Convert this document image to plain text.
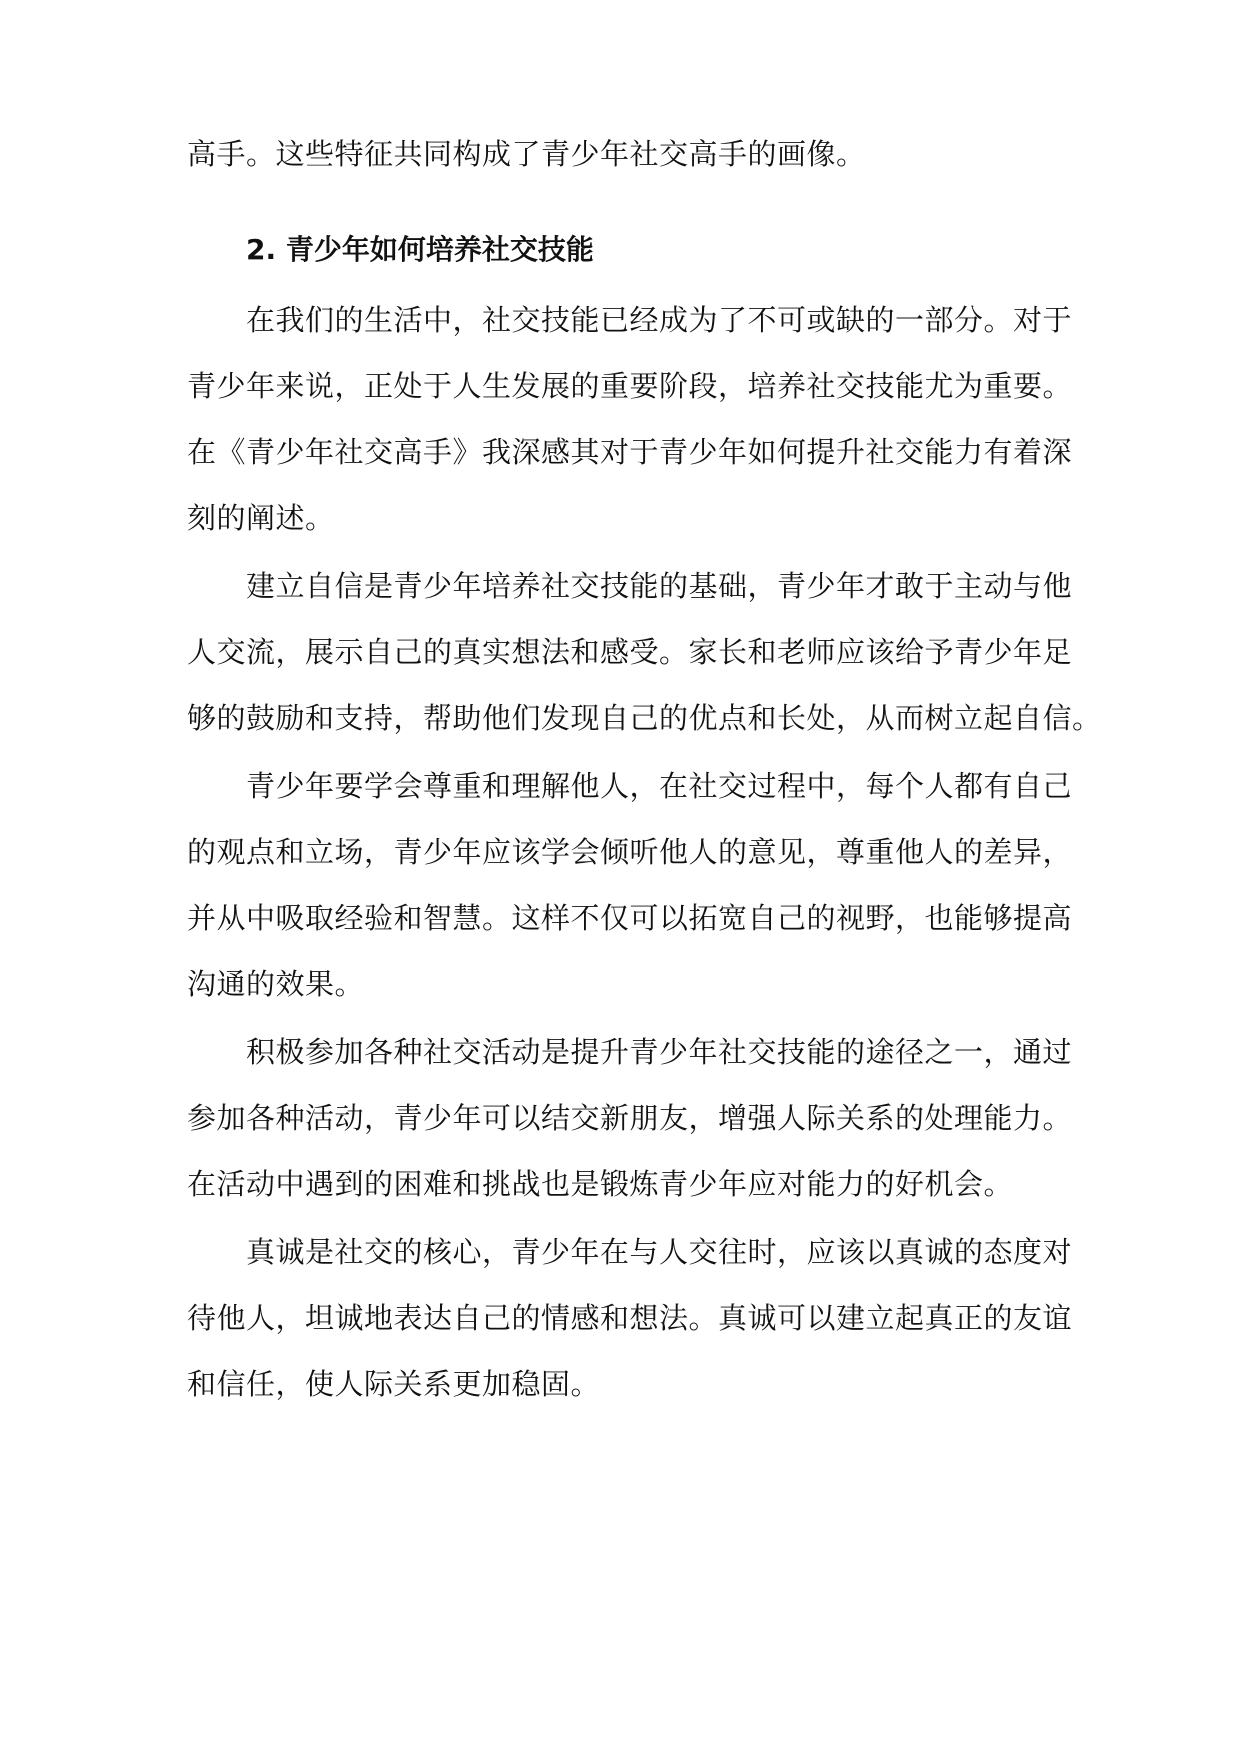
高手。这些特征共同构成了青少年社交高手的画像。
2. 青少年如何培养社交技能
在我们的生活中，社交技能已经成为了不可或缺的一部分。对于
青少年来说，正处于人生发展的重要阶段，培养社交技能尤为重要。
在《青少年社交高手》我深感其对于青少年如何提升社交能力有着深
刻的阐述。
建立自信是青少年培养社交技能的基础，青少年才敢于主动与他
人交流，展示自己的真实想法和感受。家长和老师应该给予青少年足
够的鼓励和支持，帮助他们发现自己的优点和长处，从而树立起自信。
青少年要学会尊重和理解他人，在社交过程中，每个人都有自己
的观点和立场，青少年应该学会倾听他人的意见，尊重他人的差异，
并从中吸取经验和智慧。这样不仅可以拓宽自己的视野，也能够提高
沟通的效果。
积极参加各种社交活动是提升青少年社交技能的途径之一，通过
参加各种活动，青少年可以结交新朋友，增强人际关系的处理能力。
在活动中遇到的困难和挑战也是锻炼青少年应对能力的好机会。
真诚是社交的核心，青少年在与人交往时，应该以真诚的态度对
待他人，坦诚地表达自己的情感和想法。真诚可以建立起真正的友谊
和信任，使人际关系更加稳固。
